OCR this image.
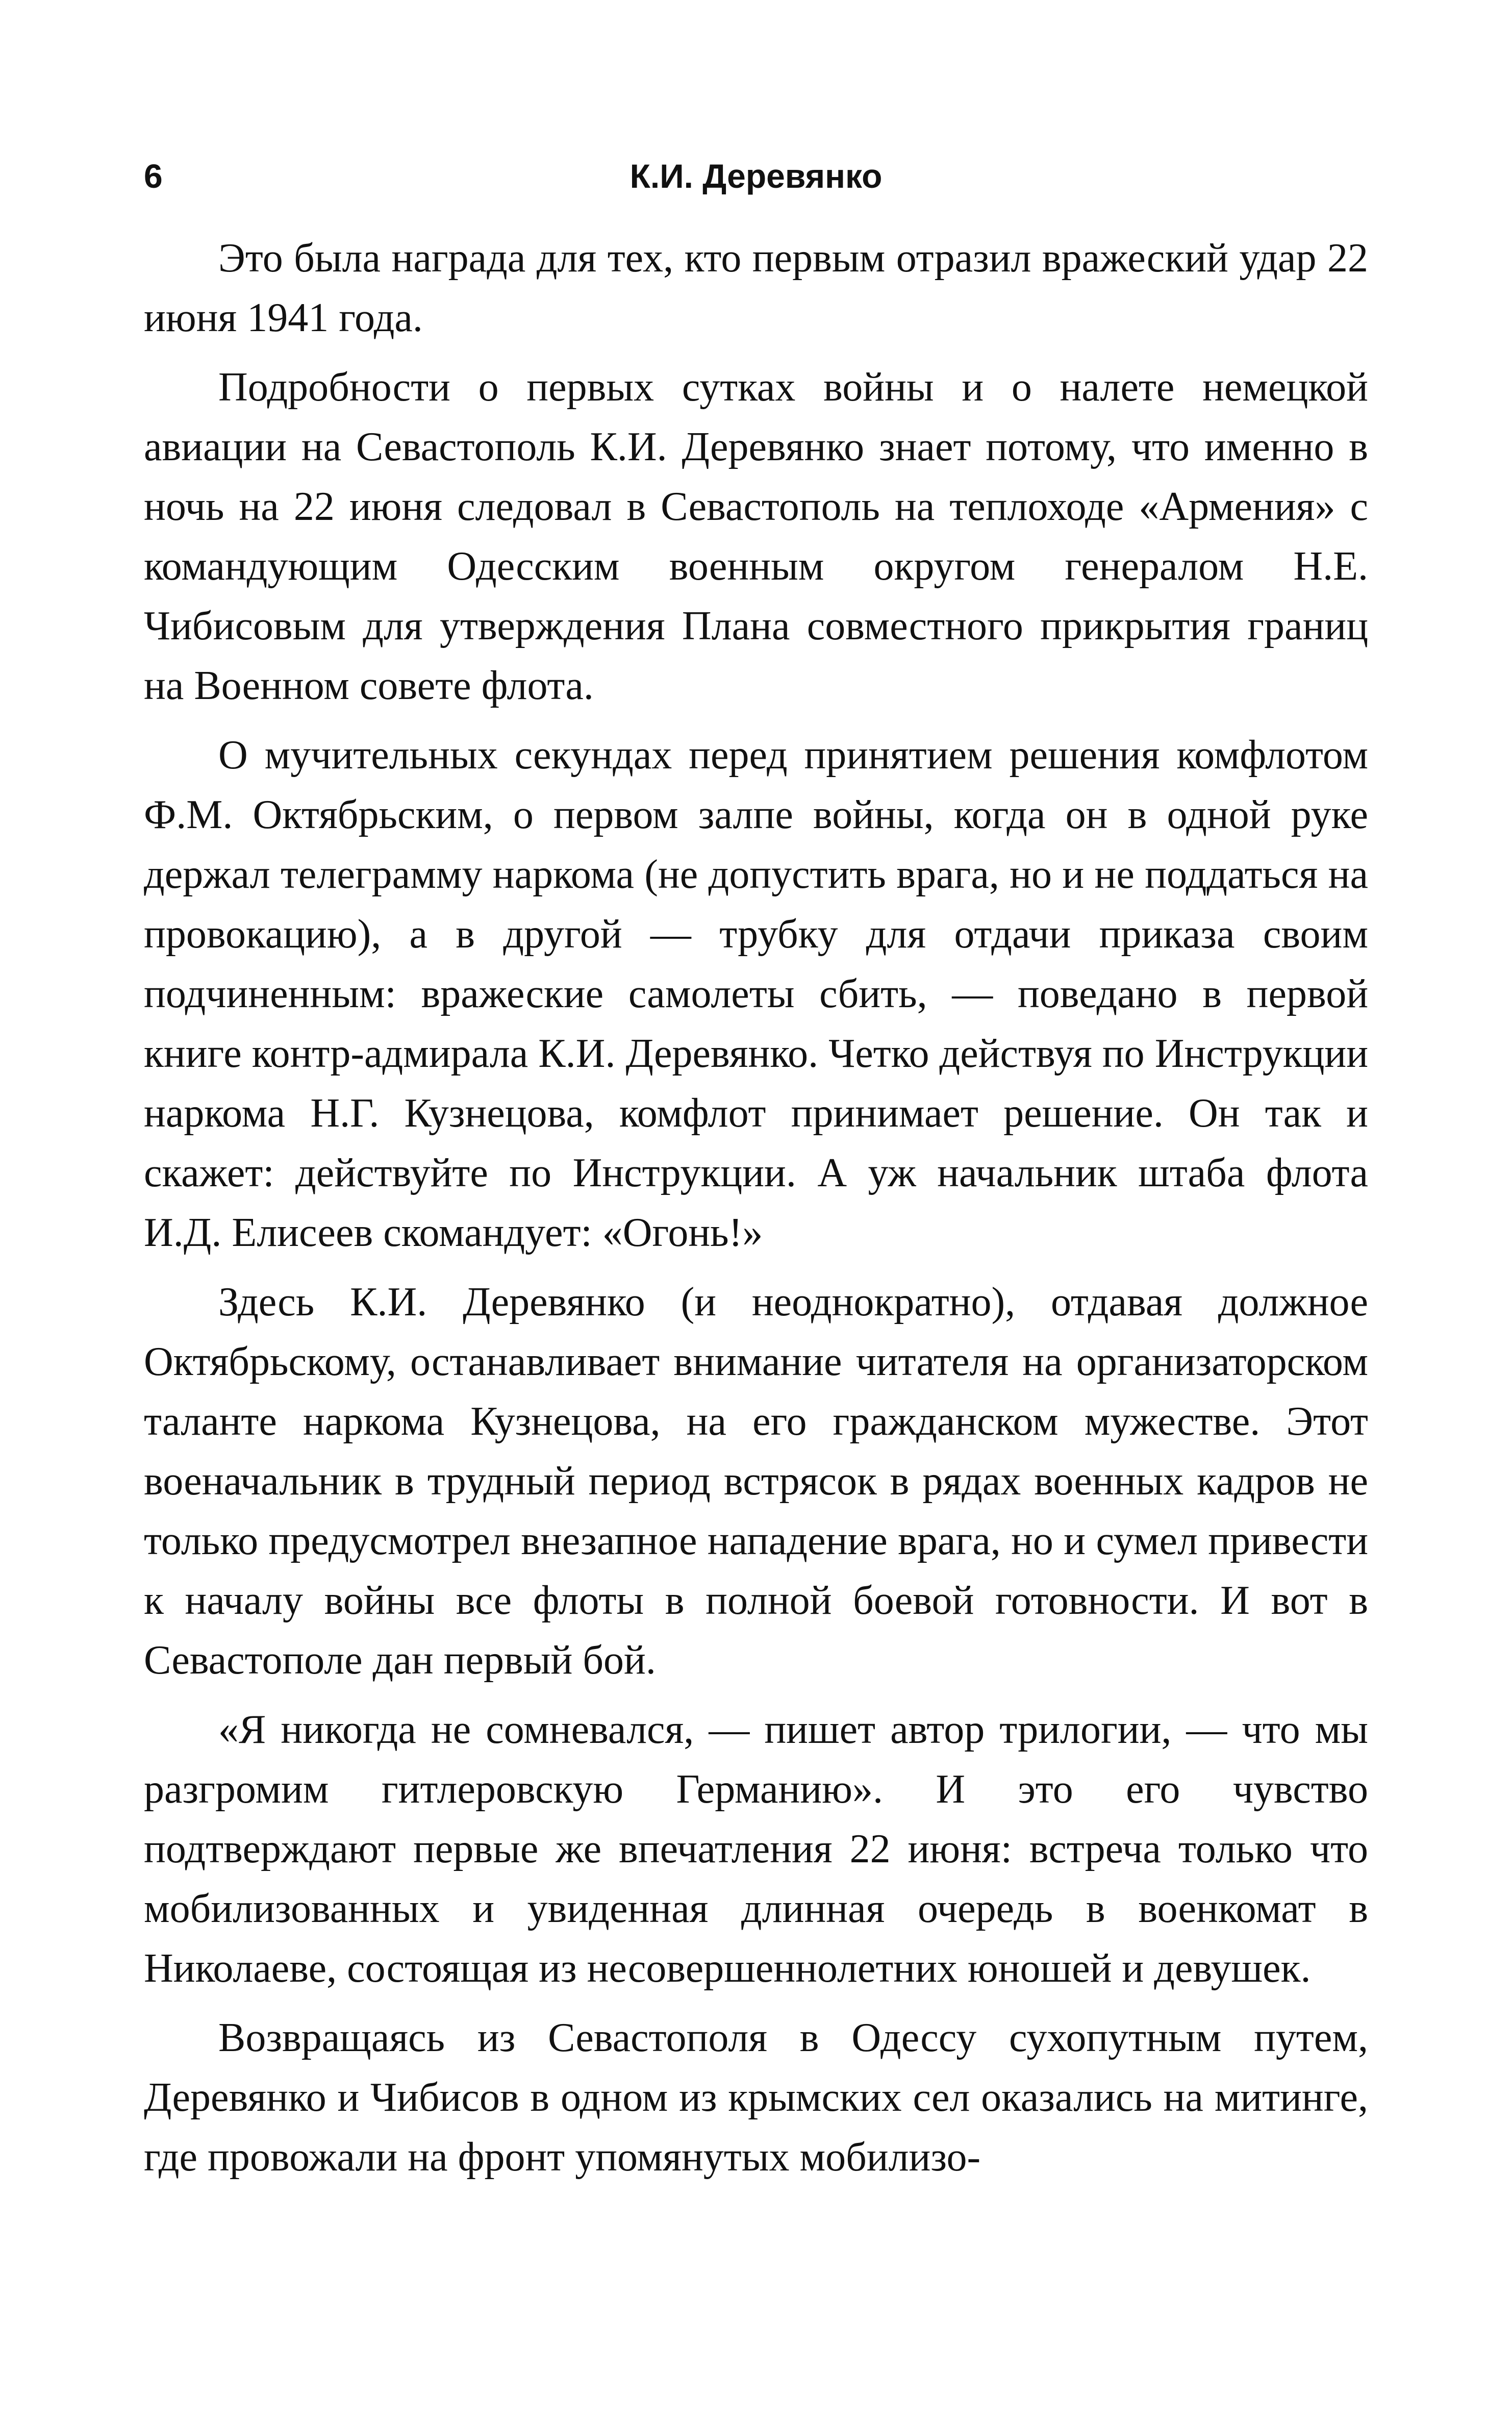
6	К.И. Деревянко

Это была награда для тех, кто первым отразил вражеский удар 22 июня 1941 года.

Подробности о первых сутках войны и о налете немецкой авиации на Севастополь К.И. Деревянко знает потому, что именно в ночь на 22 июня следовал в Севастополь на теплоходе «Армения» с командующим Одесским военным округом генералом Н.Е. Чибисовым для утверждения Плана совместного прикрытия границ на Военном совете флота.

О мучительных секундах перед принятием решения комфлотом Ф.М. Октябрьским, о первом залпе войны, когда он в одной руке держал телеграмму наркома (не допустить врага, но и не поддаться на провокацию), а в другой — трубку для отдачи приказа своим подчиненным: вражеские самолеты сбить, — поведано в первой книге контр-адмирала К.И. Деревянко. Четко действуя по Инструкции наркома Н.Г. Кузнецова, комфлот принимает решение. Он так и скажет: действуйте по Инструкции. А уж начальник штаба флота И.Д. Елисеев скомандует: «Огонь!»

Здесь К.И. Деревянко (и неоднократно), отдавая должное Октябрьскому, останавливает внимание читателя на организаторском таланте наркома Кузнецова, на его гражданском мужестве. Этот военачальник в трудный период встрясок в рядах военных кадров не только предусмотрел внезапное нападение врага, но и сумел привести к началу войны все флоты в полной боевой готовности. И вот в Севастополе дан первый бой.

«Я никогда не сомневался, — пишет автор трилогии, — что мы разгромим гитлеровскую Германию». И это его чувство подтверждают первые же впечатления 22 июня: встреча только что мобилизованных и увиденная длинная очередь в военкомат в Николаеве, состоящая из несовершеннолетних юношей и девушек.

Возвращаясь из Севастополя в Одессу сухопутным путем, Деревянко и Чибисов в одном из крымских сел оказались на митинге, где провожали на фронт упомянутых мобилизо-
